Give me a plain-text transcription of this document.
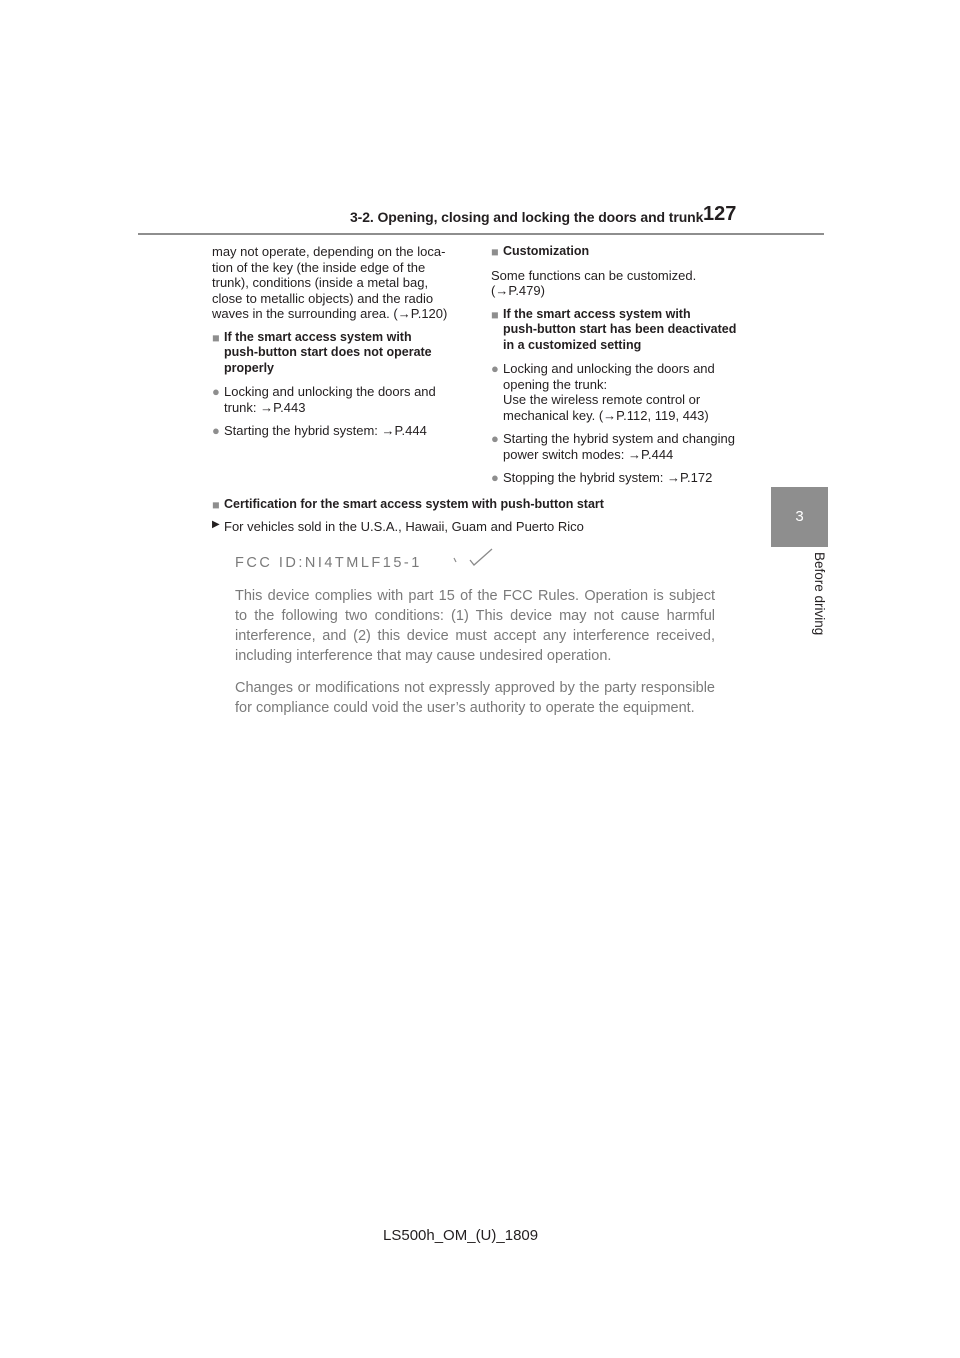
3-2. Opening, closing and locking the doors and trunk 127
3
Before driving

may not operate, depending on the loca-
tion of the key (the inside edge of the
trunk), conditions (inside a metal bag,
close to metallic objects) and the radio
waves in the surrounding area. (→P.120)

■ If the smart access system with
push-button start does not operate
properly
● Locking and unlocking the doors and
trunk: →P.443
● Starting the hybrid system: →P.444
■ Customization

Some functions can be customized.
(→P.479)

■ If the smart access system with
push-button start has been deactivated
in a customized setting
● Locking and unlocking the doors and
opening the trunk:
Use the wireless remote control or
mechanical key. (→P.112, 119, 443)
● Starting the hybrid system and changing
power switch modes: →P.444
● Stopping the hybrid system: →P.172
■ Certification for the smart access system with push-button start
▶ For vehicles sold in the U.S.A., Hawaii, Guam and Puerto Rico
FCC ID:NI4TMLF15-1

This device complies with part 15 of the FCC Rules. Operation is subject to the following two conditions: (1) This device may not cause harmful interference, and (2) this device must accept any interference received, including interference that may cause undesired operation.

Changes or modifications not expressly approved by the party responsible for compliance could void the user’s authority to operate the equipment.

LS500h_OM_(U)_1809
